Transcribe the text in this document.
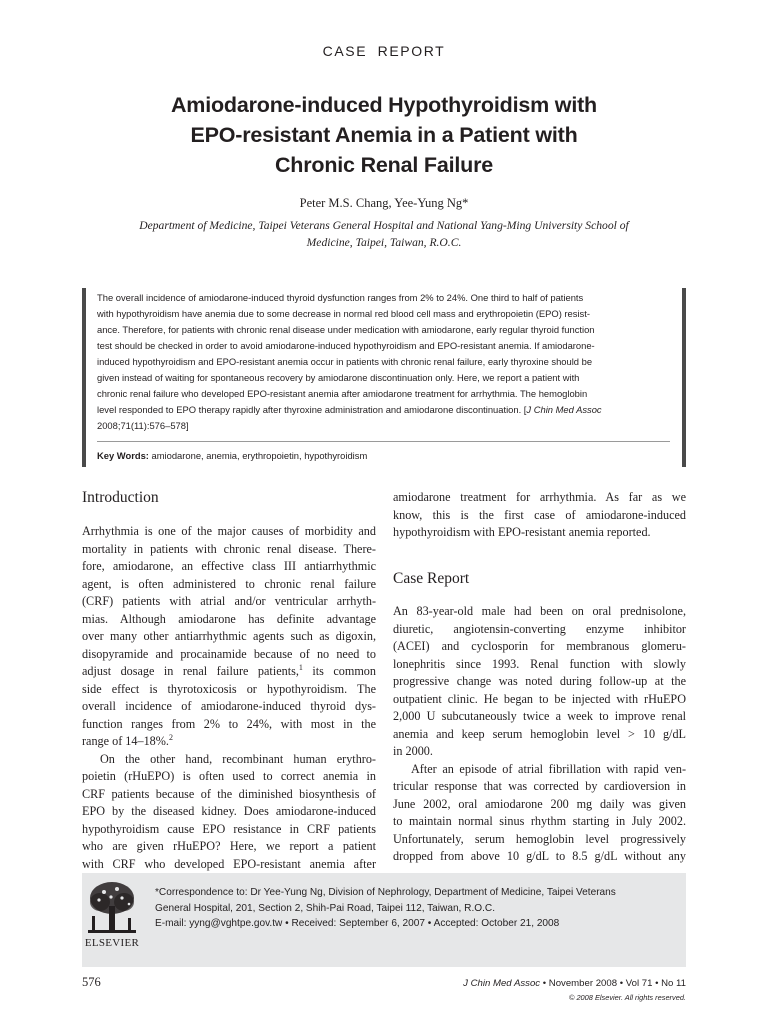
CASE REPORT
Amiodarone-induced Hypothyroidism with
EPO-resistant Anemia in a Patient with
Chronic Renal Failure
Peter M.S. Chang, Yee-Yung Ng*
Department of Medicine, Taipei Veterans General Hospital and National Yang-Ming University School of
Medicine, Taipei, Taiwan, R.O.C.
The overall incidence of amiodarone-induced thyroid dysfunction ranges from 2% to 24%. One third to half of patients
with hypothyroidism have anemia due to some decrease in normal red blood cell mass and erythropoietin (EPO) resist-
ance. Therefore, for patients with chronic renal disease under medication with amiodarone, early regular thyroid function
test should be checked in order to avoid amiodarone-induced hypothyroidism and EPO-resistant anemia. If amiodarone-
induced hypothyroidism and EPO-resistant anemia occur in patients with chronic renal failure, early thyroxine should be
given instead of waiting for spontaneous recovery by amiodarone discontinuation only. Here, we report a patient with
chronic renal failure who developed EPO-resistant anemia after amiodarone treatment for arrhythmia. The hemoglobin
level responded to EPO therapy rapidly after thyroxine administration and amiodarone discontinuation. [J Chin Med Assoc
2008;71(11):576–578]
Key Words: amiodarone, anemia, erythropoietin, hypothyroidism
Introduction
Arrhythmia is one of the major causes of morbidity and
mortality in patients with chronic renal disease. There-
fore, amiodarone, an effective class III antiarrhythmic
agent, is often administered to chronic renal failure
(CRF) patients with atrial and/or ventricular arrhyth-
mias. Although amiodarone has definite advantage
over many other antiarrhythmic agents such as digoxin,
disopyramide and procainamide because of no need to
adjust dosage in renal failure patients,$^1$ its common
side effect is thyrotoxicosis or hypothyroidism. The
overall incidence of amiodarone-induced thyroid dys-
function ranges from 2% to 24%, with most in the
range of 14–18%.$^2$
On the other hand, recombinant human erythro-
poietin (rHuEPO) is often used to correct anemia in
CRF patients because of the diminished biosynthesis of
EPO by the diseased kidney. Does amiodarone-induced
hypothyroidism cause EPO resistance in CRF patients
who are given rHuEPO? Here, we report a patient
with CRF who developed EPO-resistant anemia after
amiodarone treatment for arrhythmia. As far as we
know, this is the first case of amiodarone-induced
hypothyroidism with EPO-resistant anemia reported.
Case Report
An 83-year-old male had been on oral prednisolone,
diuretic, angiotensin-converting enzyme inhibitor
(ACEI) and cyclosporin for membranous glomeru-
lonephritis since 1993. Renal function with slowly
progressive change was noted during follow-up at the
outpatient clinic. He began to be injected with rHuEPO
2,000 U subcutaneously twice a week to improve renal
anemia and keep serum hemoglobin level > 10 g/dL
in 2000.
After an episode of atrial fibrillation with rapid ven-
tricular response that was corrected by cardioversion in
June 2002, oral amiodarone 200 mg daily was given
to maintain normal sinus rhythm starting in July 2002.
Unfortunately, serum hemoglobin level progressively
dropped from above 10 g/dL to 8.5 g/dL without any
ELSEVIER
*Correspondence to: Dr Yee-Yung Ng, Division of Nephrology, Department of Medicine, Taipei Veterans
General Hospital, 201, Section 2, Shih-Pai Road, Taipei 112, Taiwan, R.O.C.
E-mail: yyng@vghtpe.gov.tw • Received: September 6, 2007 • Accepted: October 21, 2008
576	J Chin Med Assoc • November 2008 • Vol 71 • No 11
© 2008 Elsevier. All rights reserved.
